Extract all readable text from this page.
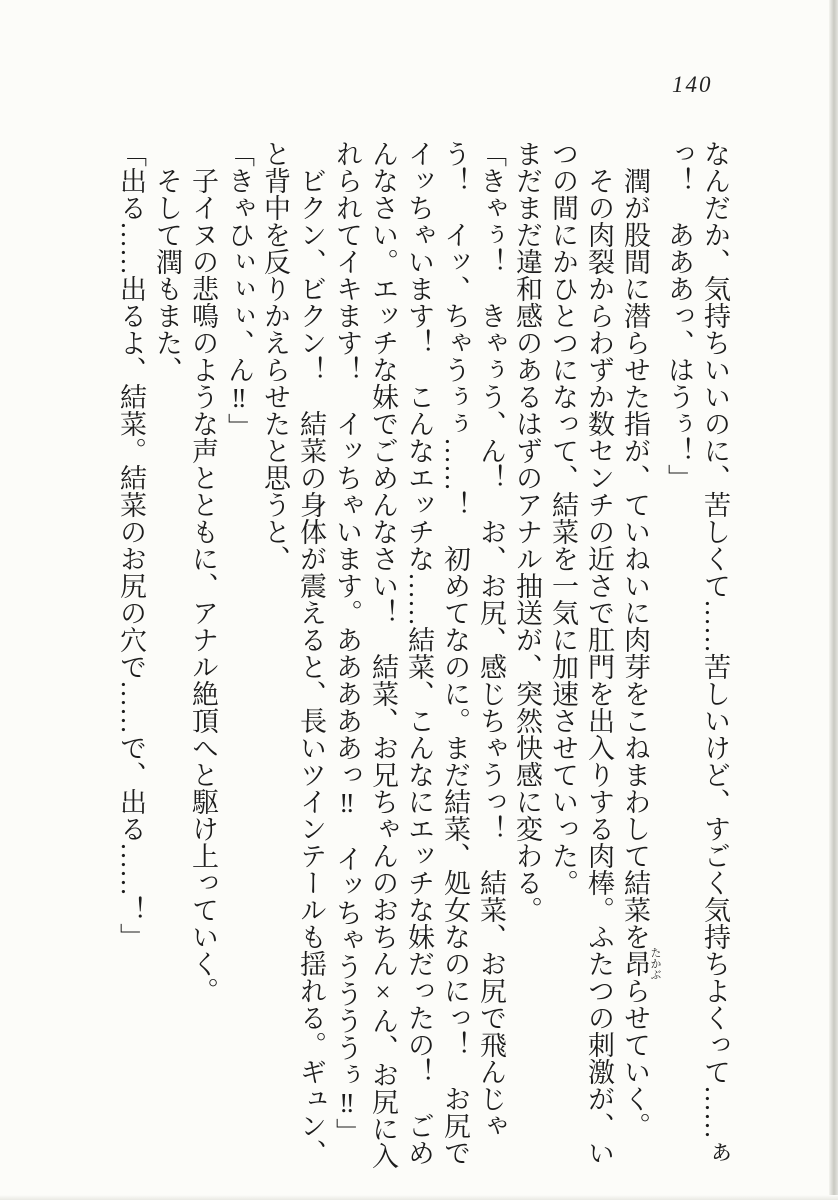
140

なんだか、気持ちいいのに、苦しくて……苦しいけど、すごく気持ちよくって……ぁ

っ！　あああっ、はうぅ！」

潤が股間に潜らせた指が、ていねいに肉芽をこねまわして結菜を昂 たかぶらせていく。

その肉裂からわずか数センチの近さで肛門を出入りする肉棒。ふたつの刺激が、い

つの間にかひとつになって、結菜を一気に加速させていった。

まだまだ違和感のあるはずのアナル抽送が、突然快感に変わる。

「きゃぅ！　きゃぅう、ん！　お、お尻、感じちゃうっ！　結菜、お尻で飛んじゃ

う！　イッ、ちゃうぅぅ……！　初めてなのに。まだ結菜、処女なのにっ！　お尻で

イッちゃいます！　こんなエッチな……結菜、こんなにエッチな妹だったの！　ごめ

んなさい。エッチな妹でごめんなさい！　結菜、お兄ちゃんのおちん×ん、お尻に入

れられてイキます！　イッちゃいます。あああああっ‼　イッちゃううううぅ‼」

ビクン、ビクン！　結菜の身体が震えると、長いツインテールも揺れる。ギュン、

と背中を反りかえらせたと思うと、

「きゃひぃぃぃ、ん‼」

子イヌの悲鳴のような声とともに、アナル絶頂へと駆け上っていく。

そして潤もまた、

「出る……出るよ、結菜。結菜のお尻の穴で……で、出る……！」
